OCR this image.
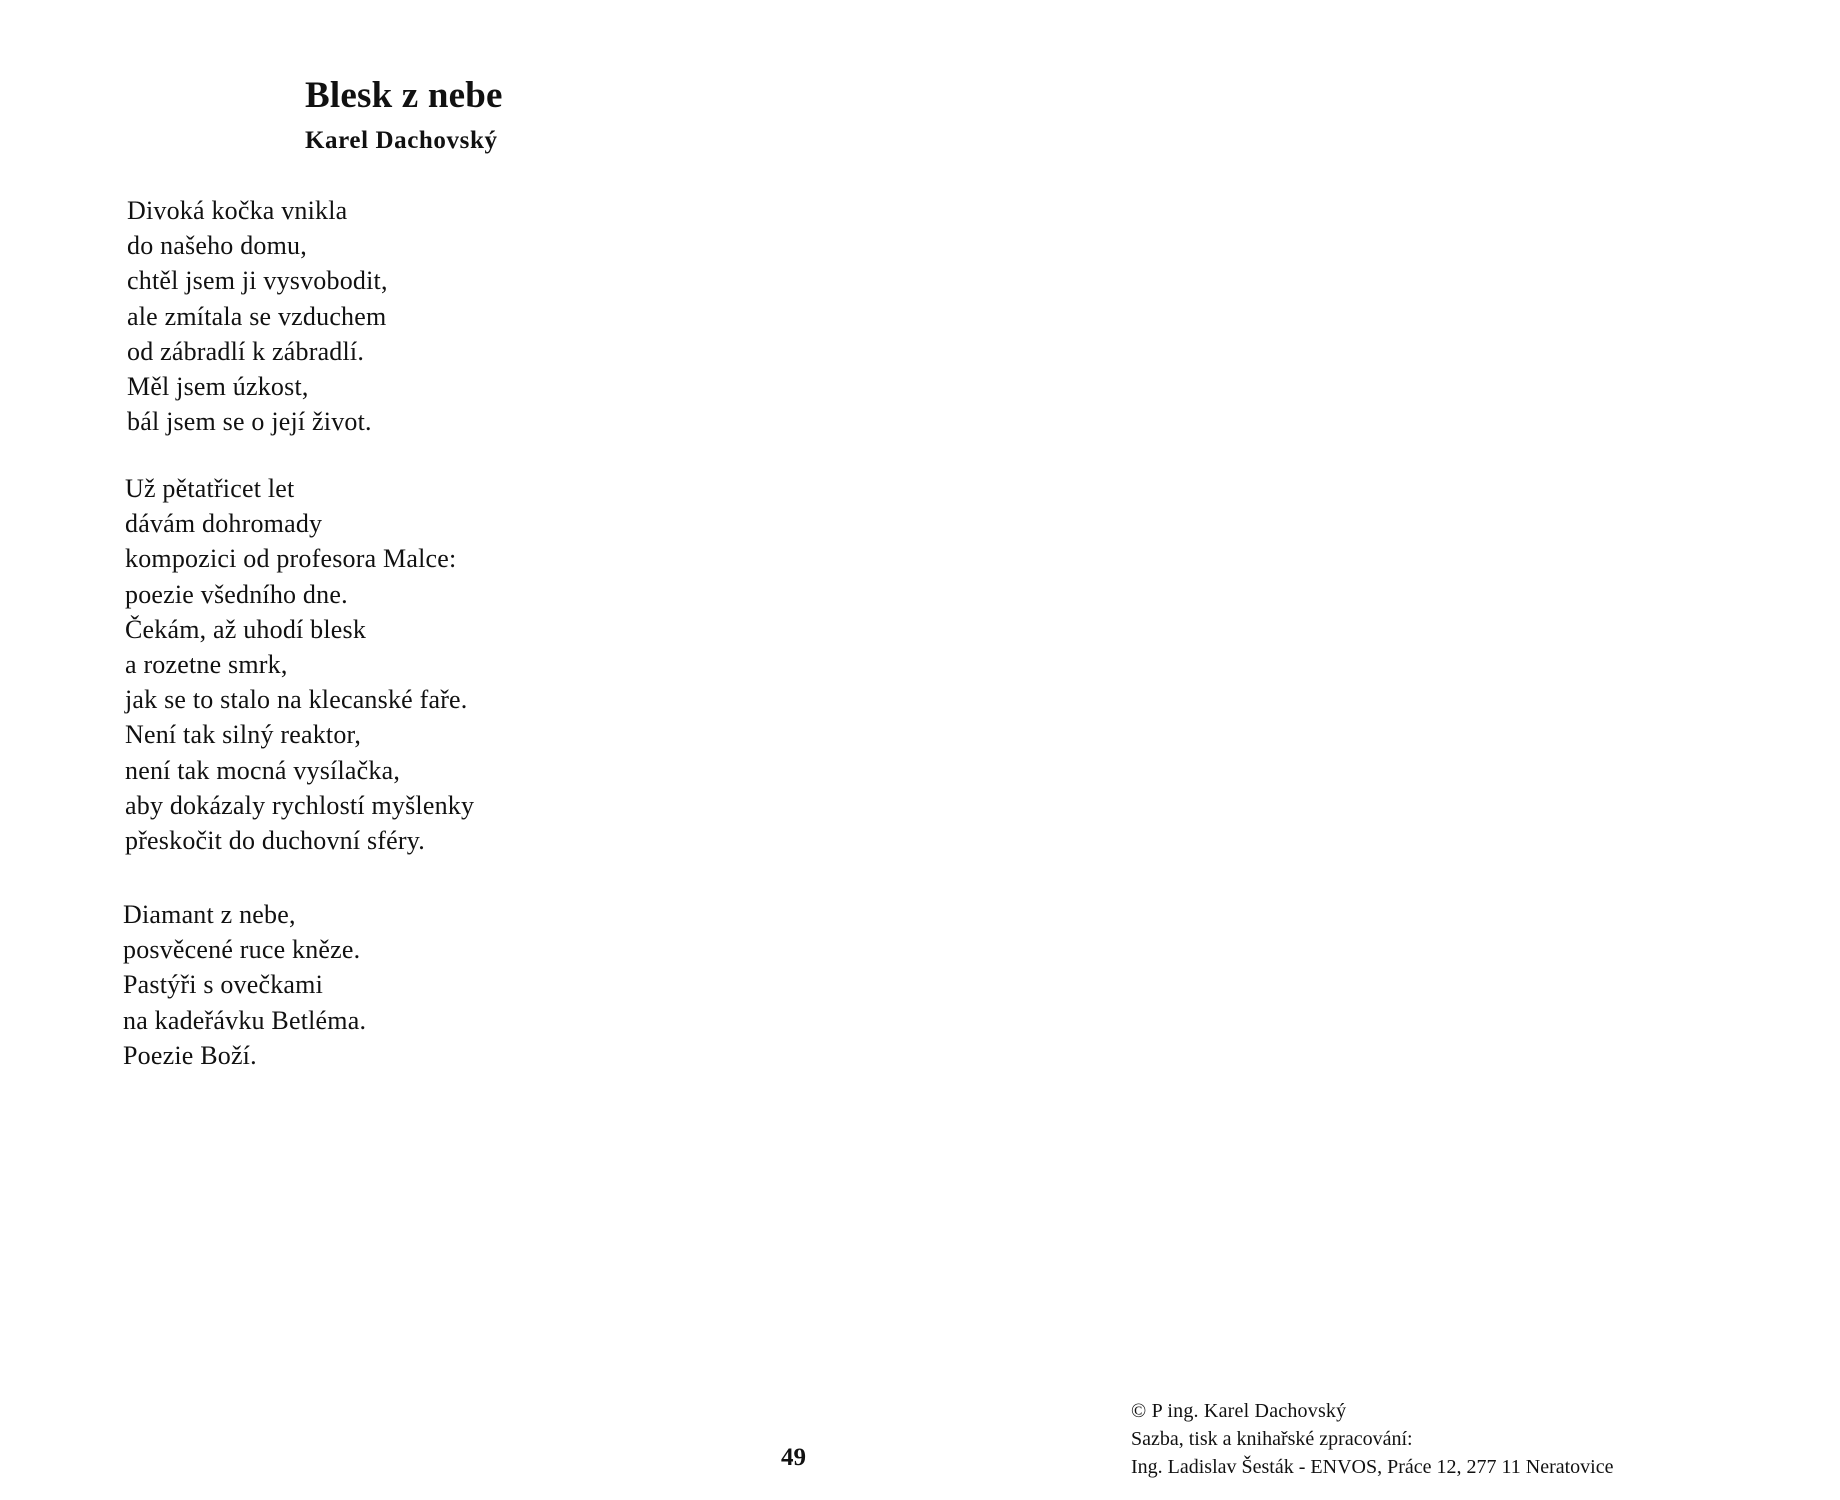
Blesk z nebe
Karel Dachovský

Divoká kočka vnikla
do našeho domu,
chtěl jsem ji vysvobodit,
ale zmítala se vzduchem
od zábradlí k zábradlí.
Měl jsem úzkost,
bál jsem se o její život.

Už pětatřicet let
dávám dohromady
kompozici od profesora Malce:
poezie všedního dne.
Čekám, až uhodí blesk
a rozetne smrk,
jak se to stalo na klecanské faře.
Není tak silný reaktor,
není tak mocná vysílačka,
aby dokázaly rychlostí myšlenky
přeskočit do duchovní sféry.

Diamant z nebe,
posvěcené ruce kněze.
Pastýři s ovečkami
na kadeřávku Betléma.
Poezie Boží.

49
© P ing. Karel Dachovský
Sazba, tisk a knihařské zpracování:
Ing. Ladislav Šesták - ENVOS, Práce 12, 277 11 Neratovice
